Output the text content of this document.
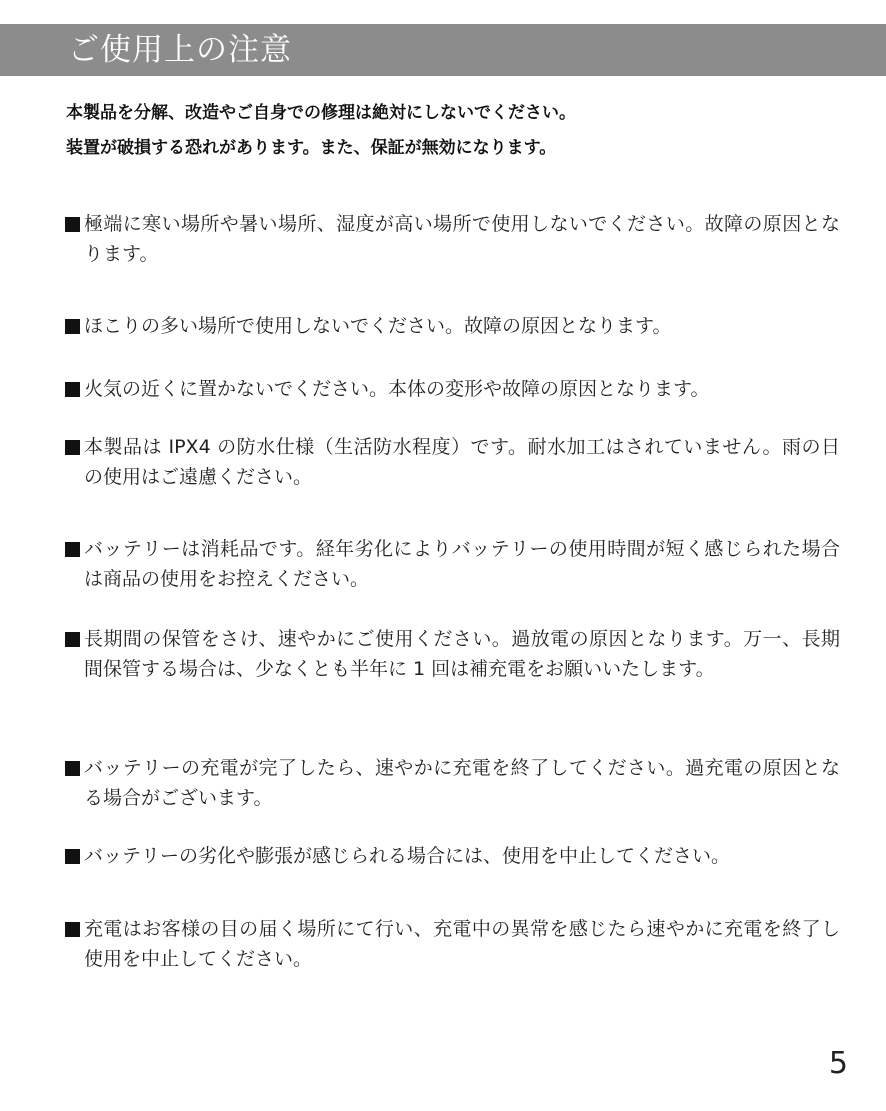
ご使用上の注意
本製品を分解、改造やご自身での修理は絶対にしないでください。
装置が破損する恐れがあります。また、保証が無効になります。
極端に寒い場所や暑い場所、湿度が高い場所で使用しないでください。故障の原因となります。
ほこりの多い場所で使用しないでください。故障の原因となります。
火気の近くに置かないでください。本体の変形や故障の原因となります。
本製品は IPX4 の防水仕様（生活防水程度）です。耐水加工はされていません。雨の日の使用はご遠慮ください。
バッテリーは消耗品です。経年劣化によりバッテリーの使用時間が短く感じられた場合は商品の使用をお控えください。
長期間の保管をさけ、速やかにご使用ください。過放電の原因となります。万一、長期間保管する場合は、少なくとも半年に 1 回は補充電をお願いいたします。
バッテリーの充電が完了したら、速やかに充電を終了してください。過充電の原因となる場合がございます。
バッテリーの劣化や膨張が感じられる場合には、使用を中止してください。
充電はお客様の目の届く場所にて行い、充電中の異常を感じたら速やかに充電を終了し使用を中止してください。
5
